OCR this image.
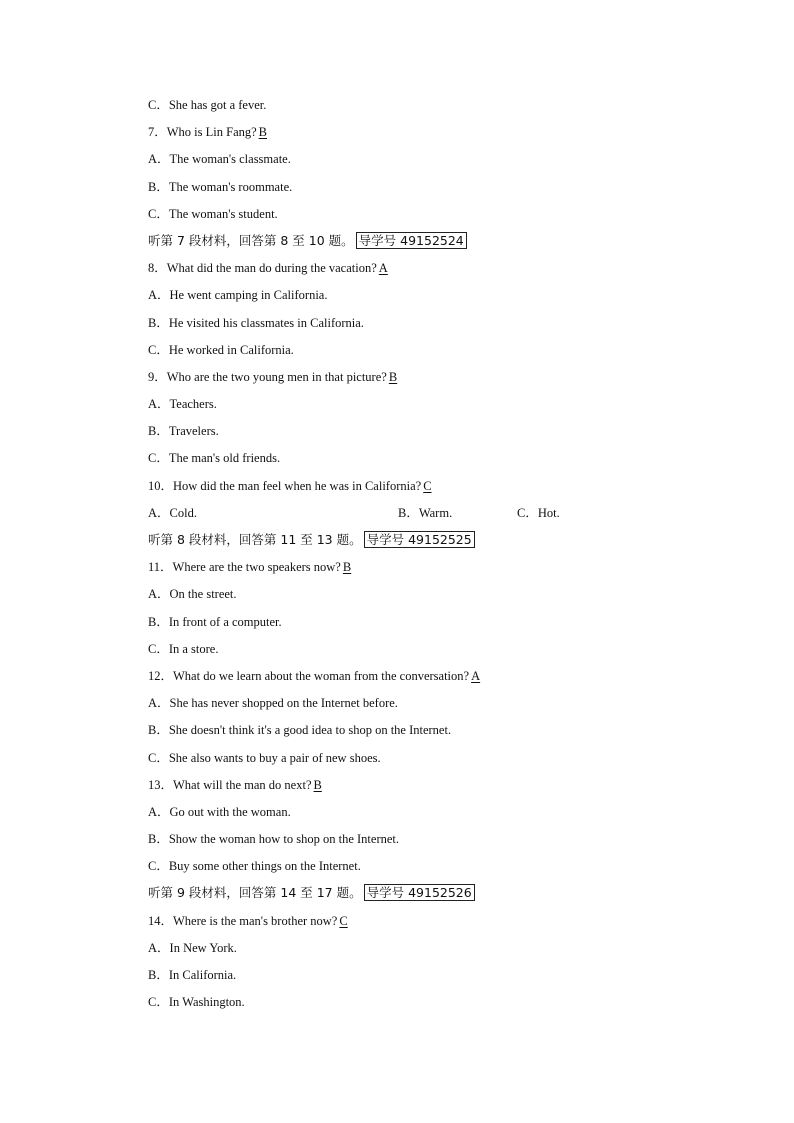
C．She has got a fever.
7．Who is Lin Fang? B
A．The woman's classmate.
B．The woman's roommate.
C．The woman's student.
听第 7 段材料，回答第 8 至 10 题。 导学号 49152524
8．What did the man do during the vacation? A
A．He went camping in California.
B．He visited his classmates in California.
C．He worked in California.
9．Who are the two young men in that picture? B
A．Teachers.
B．Travelers.
C．The man's old friends.
10．How did the man feel when he was in California? C
A．Cold.	B．Warm.	C．Hot.
听第 8 段材料，回答第 11 至 13 题。 导学号 49152525
11．Where are the two speakers now? B
A．On the street.
B．In front of a computer.
C．In a store.
12．What do we learn about the woman from the conversation? A
A．She has never shopped on the Internet before.
B．She doesn't think it's a good idea to shop on the Internet.
C．She also wants to buy a pair of new shoes.
13．What will the man do next? B
A．Go out with the woman.
B．Show the woman how to shop on the Internet.
C．Buy some other things on the Internet.
听第 9 段材料，回答第 14 至 17 题。 导学号 49152526
14．Where is the man's brother now? C
A．In New York.
B．In California.
C．In Washington.
